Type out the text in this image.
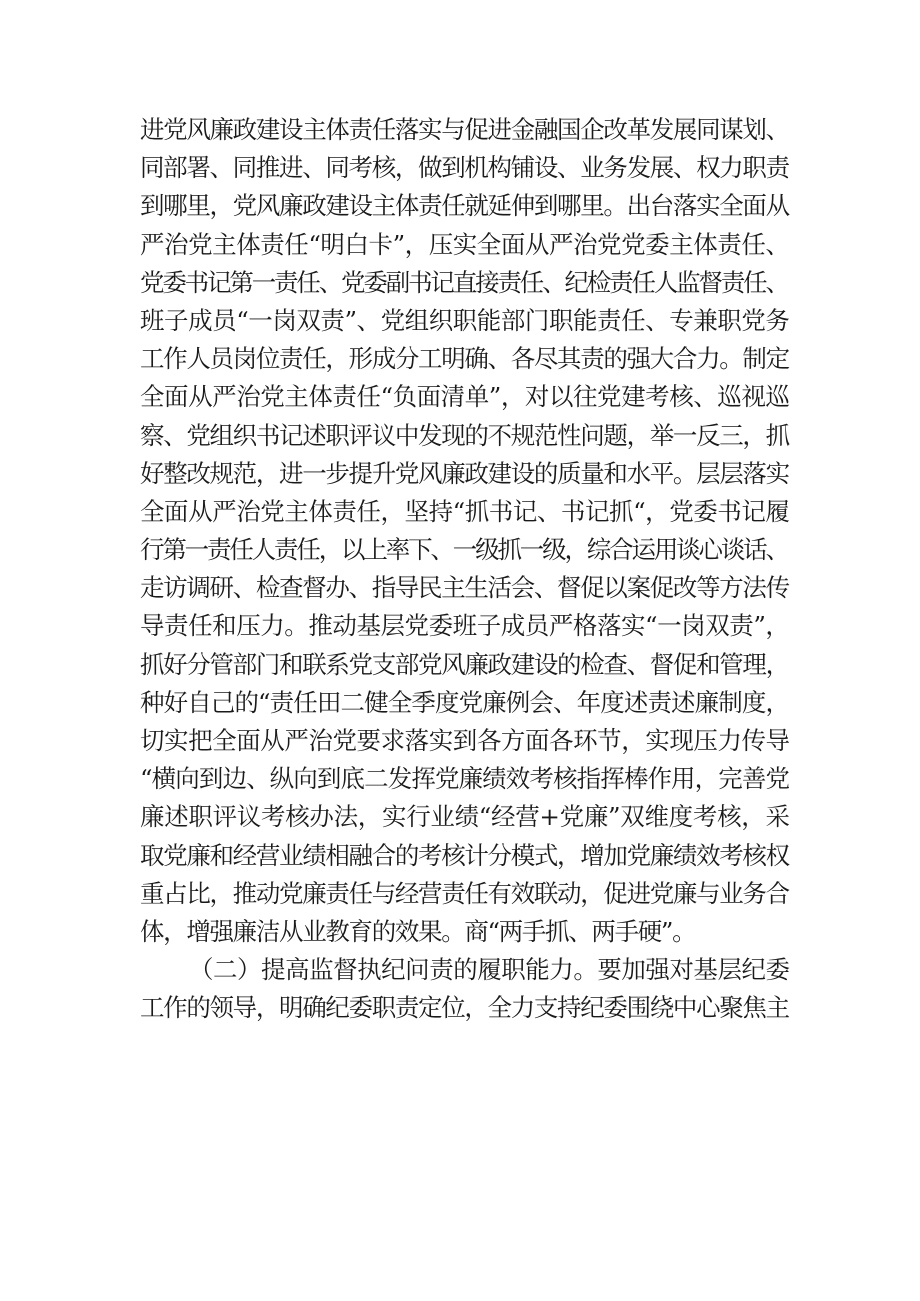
进党风廉政建设主体责任落实与促进金融国企改革发展同谋划、
同部署、同推进、同考核，做到机构铺设、业务发展、权力职责
到哪里，党风廉政建设主体责任就延伸到哪里。出台落实全面从
严治党主体责任“明白卡”，压实全面从严治党党委主体责任、
党委书记第一责任、党委副书记直接责任、纪检责任人监督责任、
班子成员“一岗双责”、党组织职能部门职能责任、专兼职党务
工作人员岗位责任，形成分工明确、各尽其责的强大合力。制定
全面从严治党主体责任“负面清单”，对以往党建考核、巡视巡
察、党组织书记述职评议中发现的不规范性问题，举一反三，抓
好整改规范，进一步提升党风廉政建设的质量和水平。层层落实
全面从严治党主体责任，坚持“抓书记、书记抓“，党委书记履
行第一责任人责任，以上率下、一级抓一级，综合运用谈心谈话、
走访调研、检查督办、指导民主生活会、督促以案促改等方法传
导责任和压力。推动基层党委班子成员严格落实“一岗双责”，
抓好分管部门和联系党支部党风廉政建设的检查、督促和管理，
种好自己的“责任田二健全季度党廉例会、年度述责述廉制度，
切实把全面从严治党要求落实到各方面各环节，实现压力传导
“横向到边、纵向到底二发挥党廉绩效考核指挥棒作用，完善党
廉述职评议考核办法，实行业绩“经营+党廉”双维度考核，采
取党廉和经营业绩相融合的考核计分模式，增加党廉绩效考核权
重占比，推动党廉责任与经营责任有效联动，促进党廉与业务合
体，增强廉洁从业教育的效果。商“两手抓、两手硬”。
（二）提高监督执纪问责的履职能力。要加强对基层纪委
工作的领导，明确纪委职责定位，全力支持纪委围绕中心聚焦主
